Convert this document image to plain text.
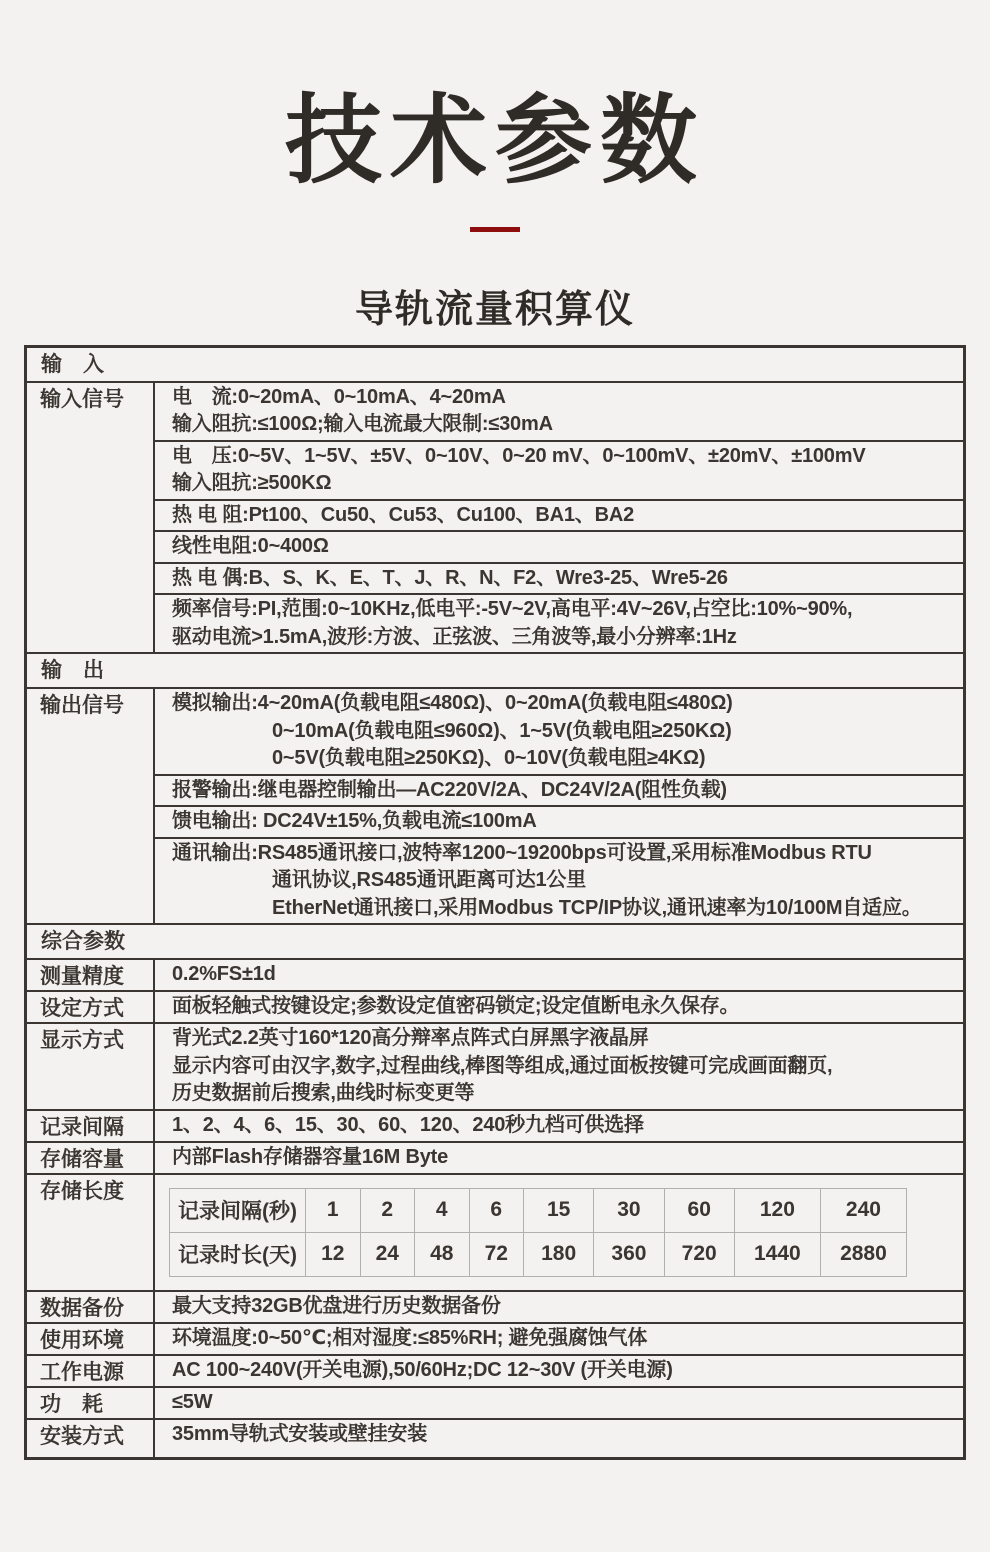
技术参数
导轨流量积算仪
输　入
输入信号	电　流:0~20mA、0~10mA、4~20mA
输入阻抗:≤100Ω;输入电流最大限制:≤30mA
电　压:0~5V、1~5V、±5V、0~10V、0~20 mV、0~100mV、±20mV、±100mV
输入阻抗:≥500KΩ
热 电 阻:Pt100、Cu50、Cu53、Cu100、BA1、BA2
线性电阻:0~400Ω
热 电 偶:B、S、K、E、T、J、R、N、F2、Wre3-25、Wre5-26
频率信号:PI,范围:0~10KHz,低电平:-5V~2V,高电平:4V~26V,占空比:10%~90%,
驱动电流>1.5mA,波形:方波、正弦波、三角波等,最小分辨率:1Hz
输　出
输出信号	模拟输出:4~20mA(负载电阻≤480Ω)、0~20mA(负载电阻≤480Ω)
0~10mA(负载电阻≤960Ω)、1~5V(负载电阻≥250KΩ)
0~5V(负载电阻≥250KΩ)、0~10V(负载电阻≥4KΩ)
报警输出:继电器控制输出—AC220V/2A、DC24V/2A(阻性负载)
馈电输出: DC24V±15%,负载电流≤100mA
通讯输出:RS485通讯接口,波特率1200~19200bps可设置,采用标准Modbus RTU
通讯协议,RS485通讯距离可达1公里
EtherNet通讯接口,采用Modbus TCP/IP协议,通讯速率为10/100M自适应。
综合参数
测量精度	0.2%FS±1d
设定方式	面板轻触式按键设定;参数设定值密码锁定;设定值断电永久保存。
显示方式	背光式2.2英寸160*120高分辩率点阵式白屏黑字液晶屏
显示内容可由汉字,数字,过程曲线,棒图等组成,通过面板按键可完成画面翻页,
历史数据前后搜索,曲线时标变更等
记录间隔	1、2、4、6、15、30、60、120、240秒九档可供选择
存储容量	内部Flash存储器容量16M Byte
存储长度
记录间隔(秒)	1	2	4	6	15	30	60	120	240
记录时长(天)	12	24	48	72	180	360	720	1440	2880
数据备份	最大支持32GB优盘进行历史数据备份
使用环境	环境温度:0~50℃;相对湿度:≤85%RH; 避免强腐蚀气体
工作电源	AC 100~240V(开关电源),50/60Hz;DC 12~30V (开关电源)
功　耗	≤5W
安装方式	35mm导轨式安装或壁挂安装
